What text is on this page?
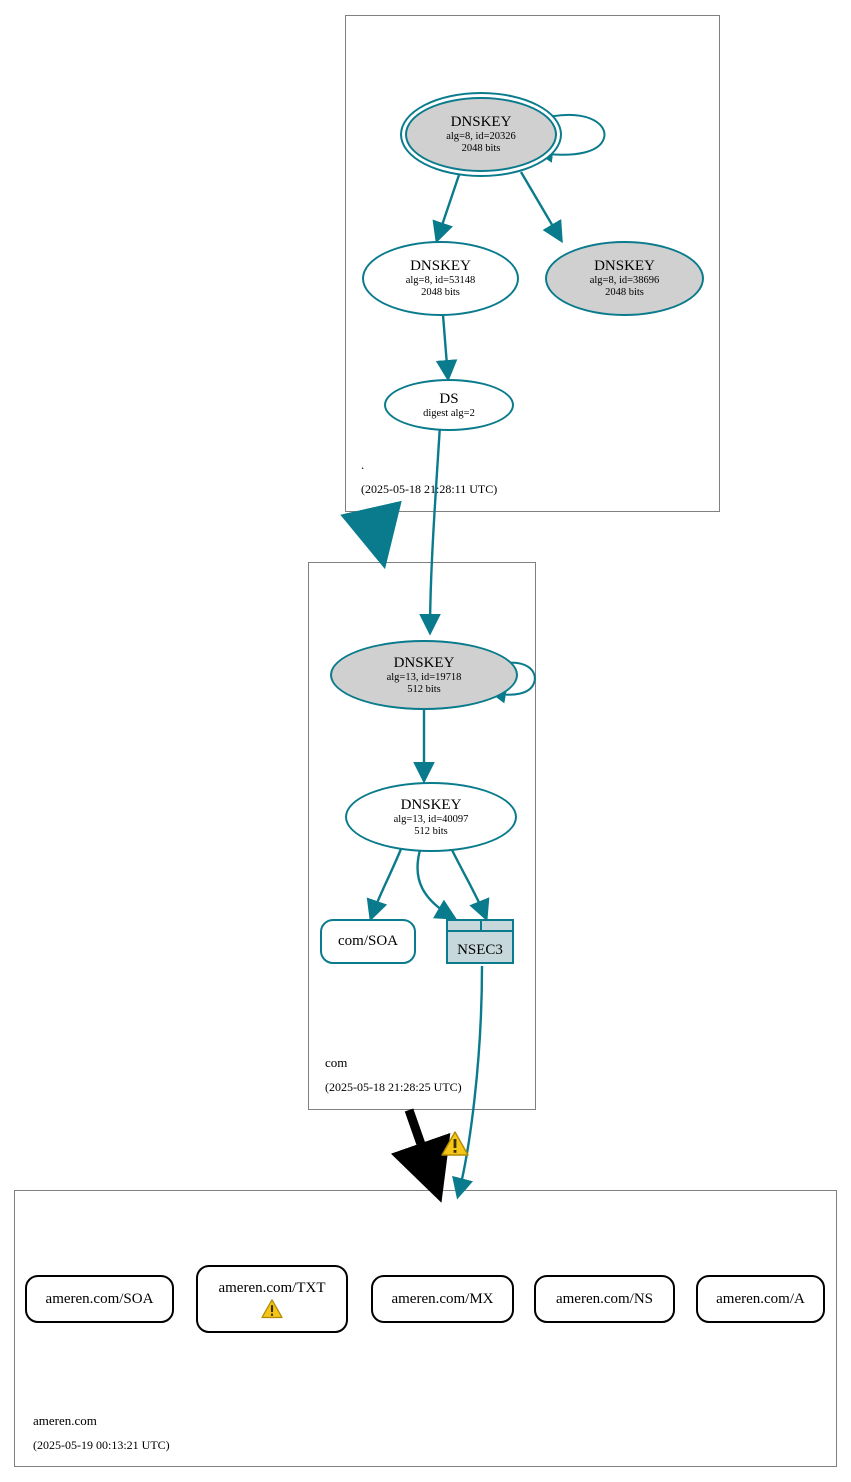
.
(2025-05-18 21:28:11 UTC)
com
(2025-05-18 21:28:25 UTC)
ameren.com
(2025-05-19 00:13:21 UTC)
DNSKEY
alg=8, id=20326
2048 bits
DNSKEY
alg=8, id=53148
2048 bits
DNSKEY
alg=8, id=38696
2048 bits
DS
digest alg=2
DNSKEY
alg=13, id=19718
512 bits
DNSKEY
alg=13, id=40097
512 bits
com/SOA
NSEC3
ameren.com/SOA
ameren.com/TXT
ameren.com/MX	ameren.com/NS	ameren.com/A
